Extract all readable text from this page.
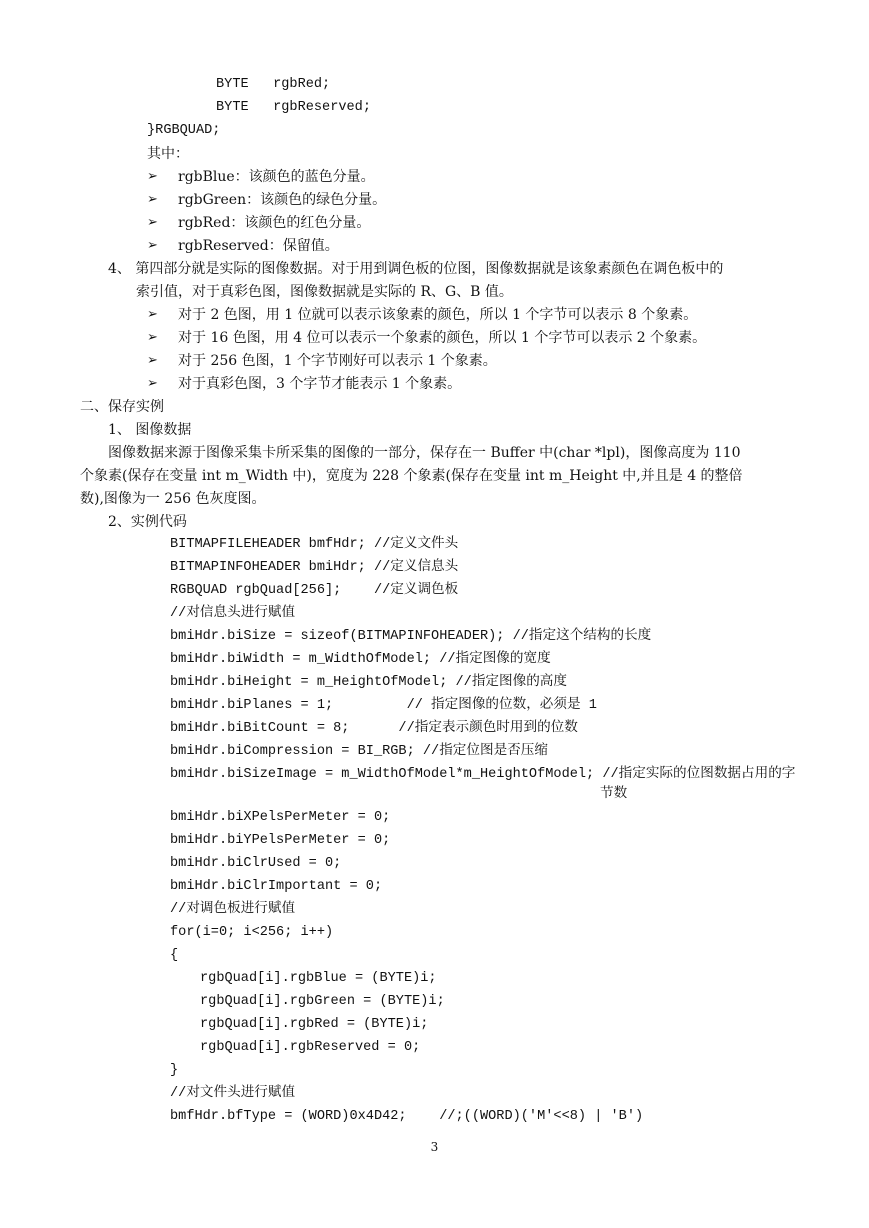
BYTE   rgbRed;
BYTE   rgbReserved;
}RGBQUAD;
其中：
➢ rgbBlue：该颜色的蓝色分量。
➢ rgbGreen：该颜色的绿色分量。
➢ rgbRed：该颜色的红色分量。
➢ rgbReserved：保留值。
4、 第四部分就是实际的图像数据。对于用到调色板的位图，图像数据就是该象素颜色在调色板中的
索引值，对于真彩色图，图像数据就是实际的 R、G、B 值。
➢ 对于 2 色图，用 1 位就可以表示该象素的颜色，所以 1 个字节可以表示 8 个象素。
➢ 对于 16 色图，用 4 位可以表示一个象素的颜色，所以 1 个字节可以表示 2 个象素。
➢ 对于 256 色图，1 个字节刚好可以表示 1 个象素。
➢ 对于真彩色图，3 个字节才能表示 1 个象素。
二、保存实例
1、 图像数据
图像数据来源于图像采集卡所采集的图像的一部分，保存在一 Buffer 中(char *lpl)，图像高度为 110
个象素(保存在变量 int m_Width 中)，宽度为 228 个象素(保存在变量 int m_Height 中,并且是 4 的整倍
数),图像为一 256 色灰度图。
2、实例代码
BITMAPFILEHEADER bmfHdr; //定义文件头
BITMAPINFOHEADER bmiHdr; //定义信息头
RGBQUAD rgbQuad[256];    //定义调色板
//对信息头进行赋值
bmiHdr.biSize = sizeof(BITMAPINFOHEADER); //指定这个结构的长度
bmiHdr.biWidth = m_WidthOfModel; //指定图像的宽度
bmiHdr.biHeight = m_HeightOfModel; //指定图像的高度
bmiHdr.biPlanes = 1;         // 指定图像的位数，必须是 1
bmiHdr.biBitCount = 8;      //指定表示颜色时用到的位数
bmiHdr.biCompression = BI_RGB; //指定位图是否压缩
bmiHdr.biSizeImage = m_WidthOfModel*m_HeightOfModel; //指定实际的位图数据占用的字
节数
bmiHdr.biXPelsPerMeter = 0;
bmiHdr.biYPelsPerMeter = 0;
bmiHdr.biClrUsed = 0;
bmiHdr.biClrImportant = 0;
//对调色板进行赋值
for(i=0; i<256; i++)
{
rgbQuad[i].rgbBlue = (BYTE)i;
rgbQuad[i].rgbGreen = (BYTE)i;
rgbQuad[i].rgbRed = (BYTE)i;
rgbQuad[i].rgbReserved = 0;
}
//对文件头进行赋值
bmfHdr.bfType = (WORD)0x4D42;    //;((WORD)('M'<<8) | 'B')
3
